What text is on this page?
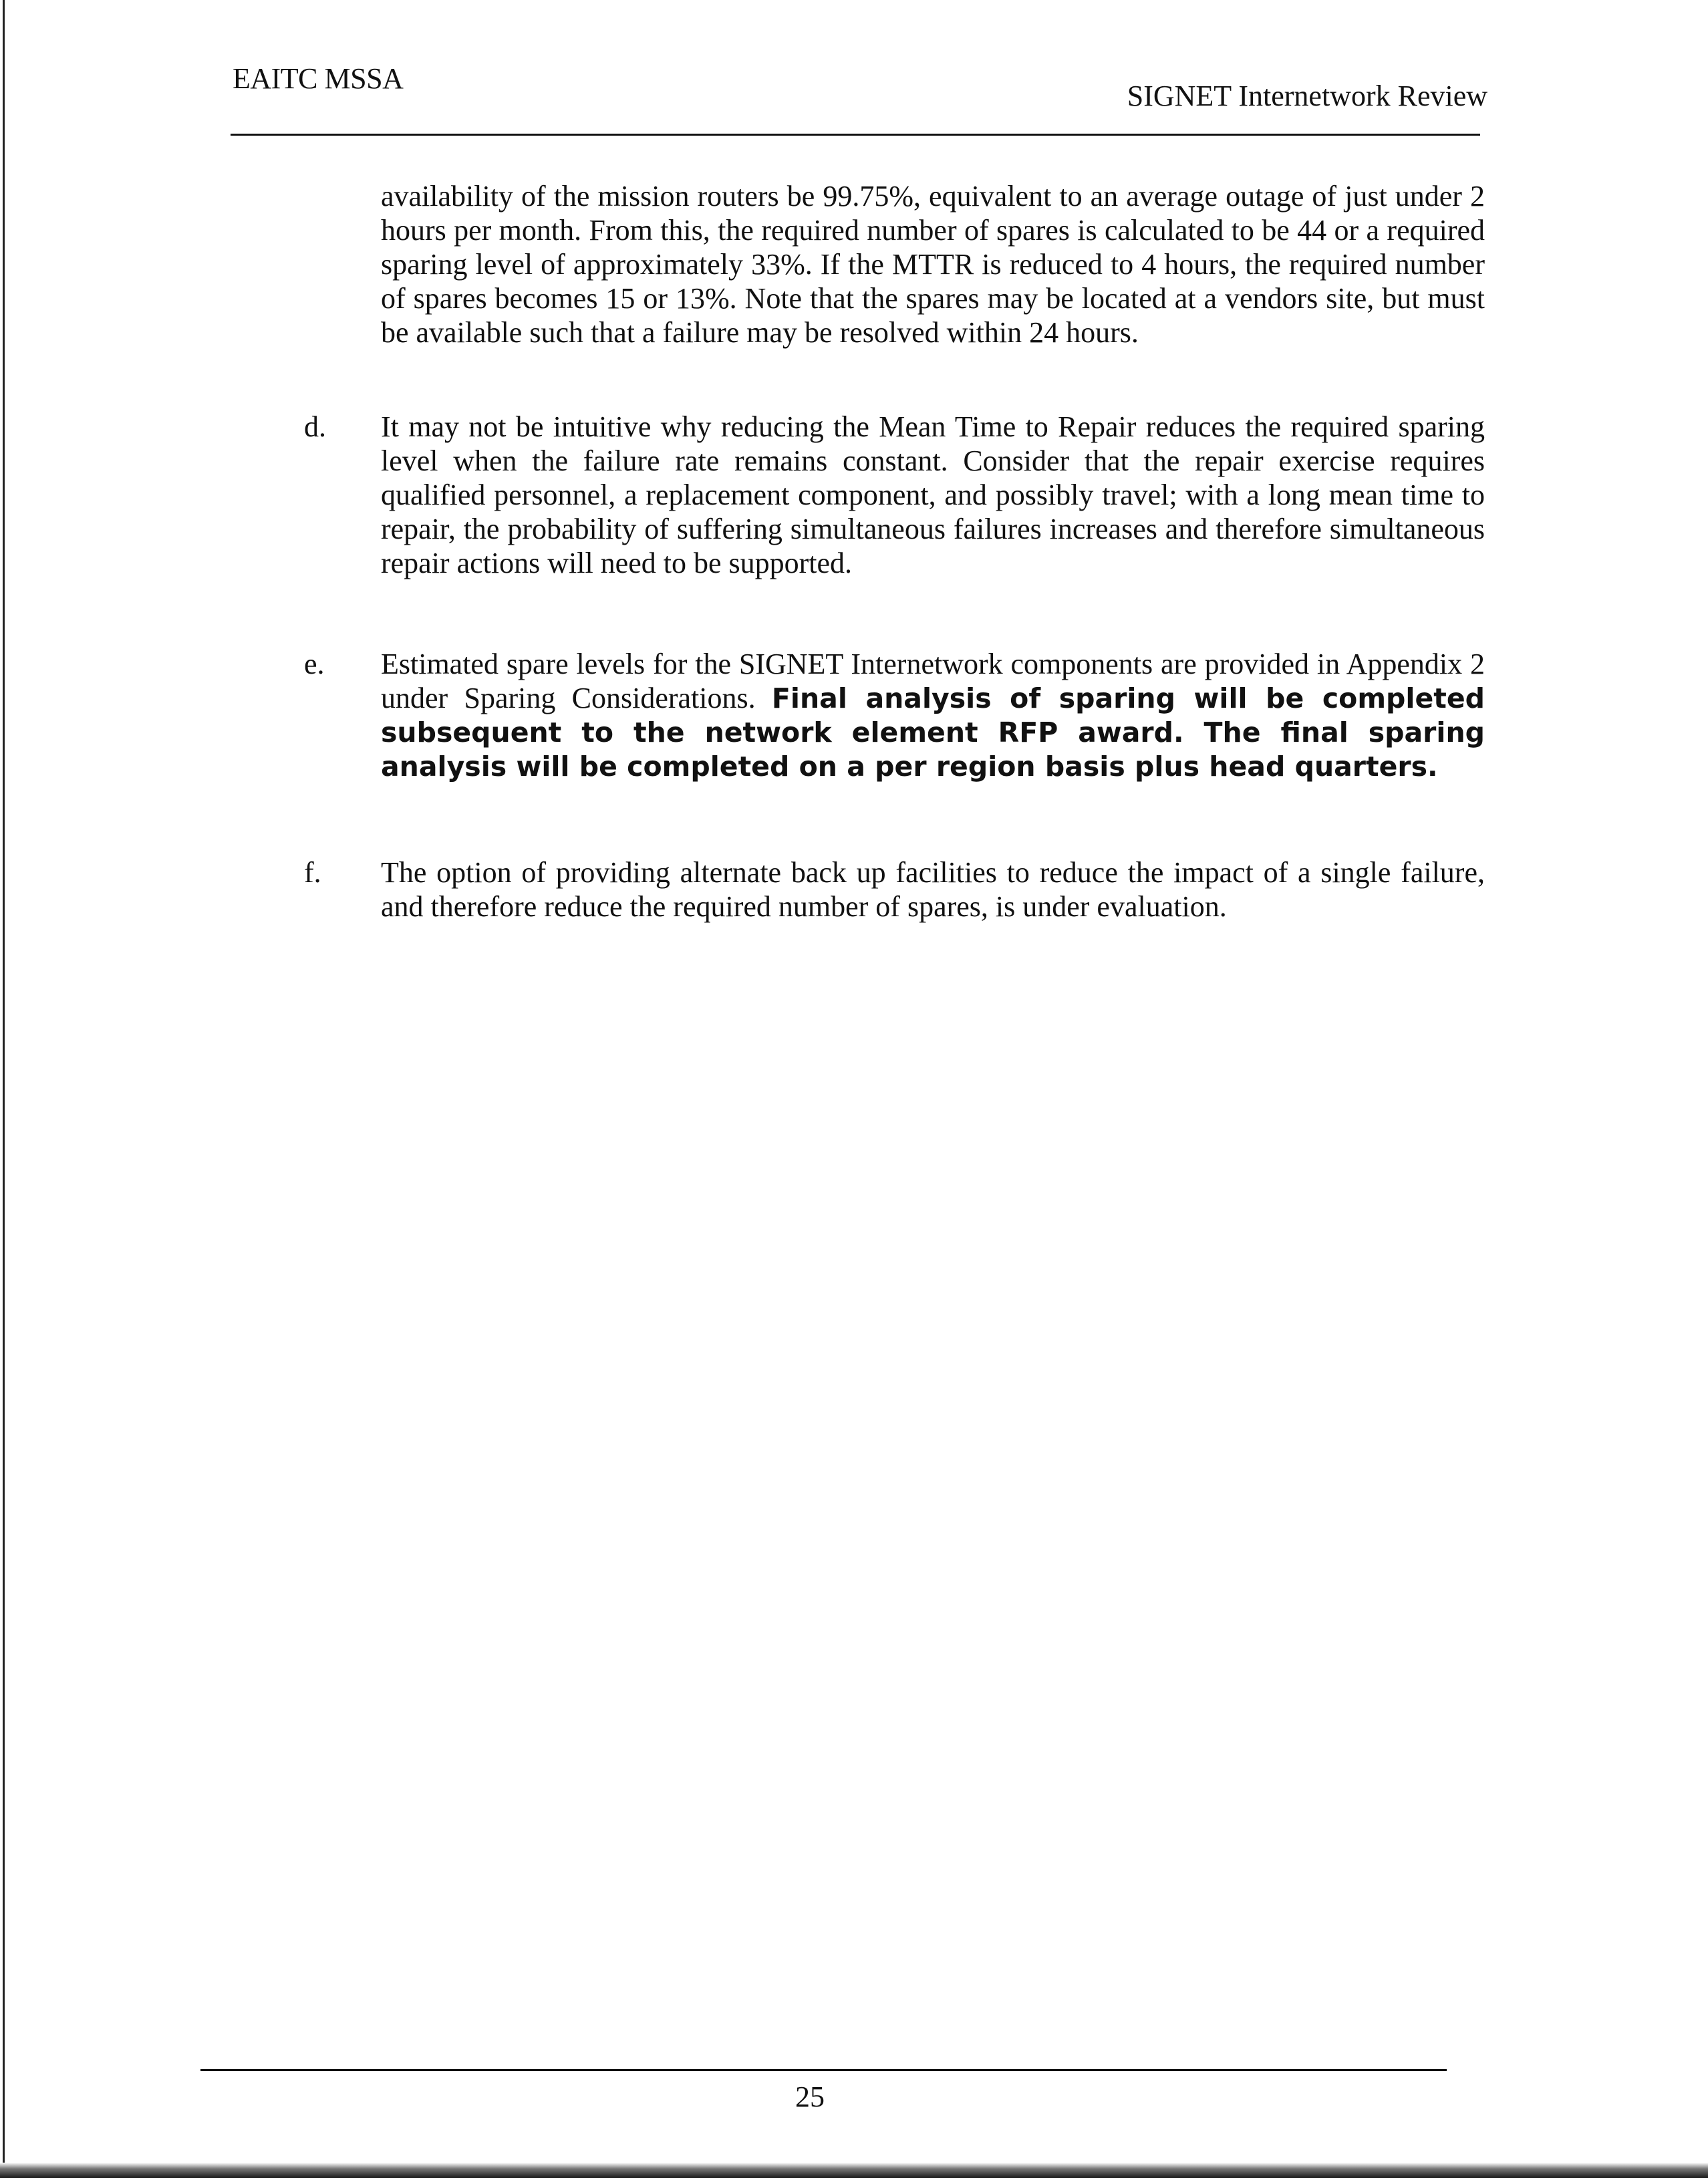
EAITC MSSA
SIGNET Internetwork Review
availability of the mission routers be 99.75%, equivalent to an average outage of just under 2 hours per month. From this, the required number of spares is calculated to be 44 or a required sparing level of approximately 33%. If the MTTR is reduced to 4 hours, the required number of spares becomes 15 or 13%. Note that the spares may be located at a vendors site, but must be available such that a failure may be resolved within 24 hours.
d. It may not be intuitive why reducing the Mean Time to Repair reduces the required sparing level when the failure rate remains constant. Consider that the repair exercise requires qualified personnel, a replacement component, and possibly travel; with a long mean time to repair, the probability of suffering simultaneous failures increases and therefore simultaneous repair actions will need to be supported.
e. Estimated spare levels for the SIGNET Internetwork components are provided in Appendix 2 under Sparing Considerations. Final analysis of sparing will be completed subsequent to the network element RFP award. The final sparing analysis will be completed on a per region basis plus head quarters.
f. The option of providing alternate back up facilities to reduce the impact of a single failure, and therefore reduce the required number of spares, is under evaluation.
25
